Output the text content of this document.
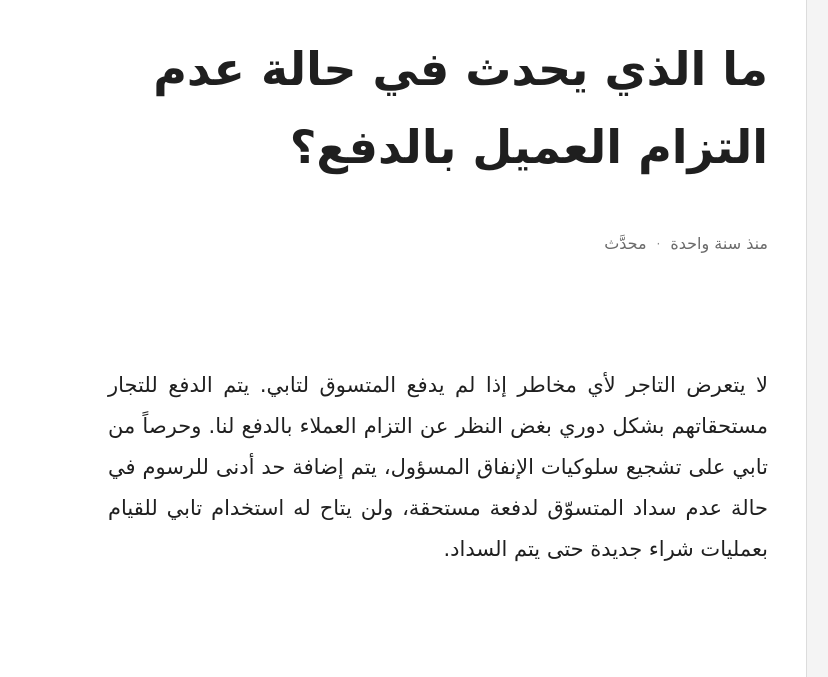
ما الذي يحدث في حالة عدم التزام العميل بالدفع؟
منذ سنة واحدة
·
محدَّث

لا يتعرض التاجر لأي مخاطر إذا لم يدفع المتسوق لتابي. يتم الدفع للتجار مستحقاتهم بشكل دوري بغض النظر عن التزام العملاء بالدفع لنا. وحرصاً من تابي على تشجيع سلوكيات الإنفاق المسؤول، يتم إضافة حد أدنى للرسوم في حالة عدم سداد المتسوّق لدفعة مستحقة، ولن يتاح له استخدام تابي للقيام بعمليات شراء جديدة حتى يتم السداد.
